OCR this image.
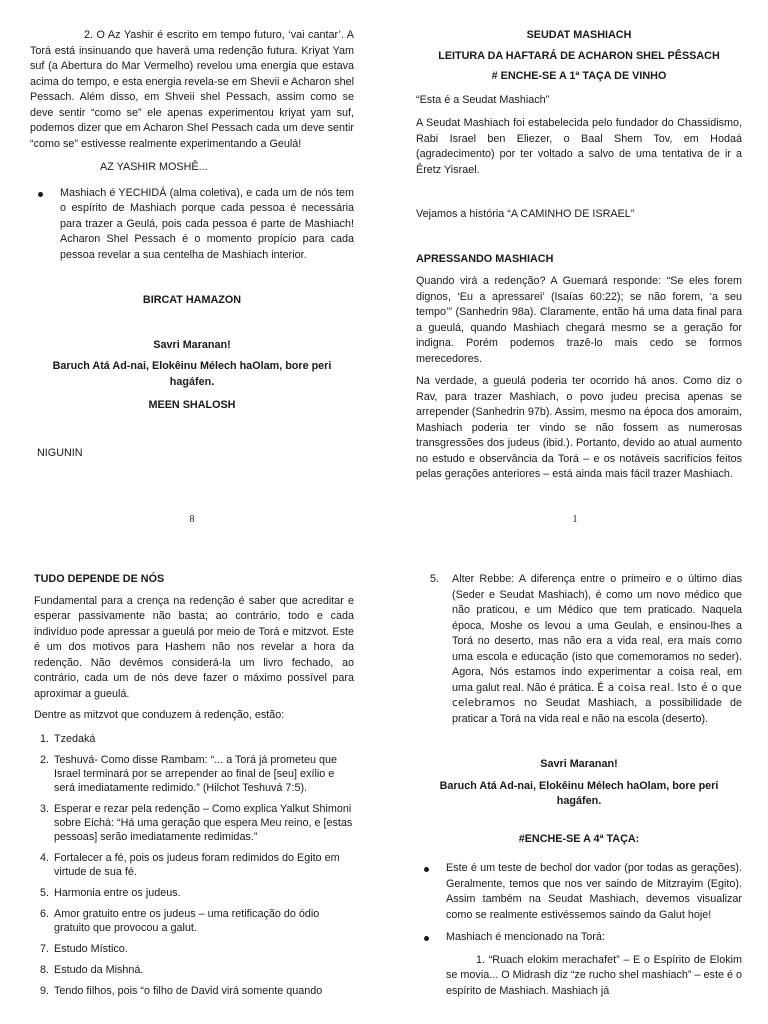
2. O Az Yashir é escrito em tempo futuro, ‘vai cantar’. A Torá está insinuando que haverá uma redenção futura. Kriyat Yam suf (a Abertura do Mar Vermelho) revelou uma energia que estava acima do tempo, e esta energia revela-se em Shevii e Acharon shel Pessach. Além disso, em Shveii shel Pessach, assim como se deve sentir “como se” ele apenas experimentou kriyat yam suf, podemos dizer que em Acharon Shel Pessach cada um deve sentir “como se” estivesse realmente experimentando a Geulá!

AZ YASHIR MOSHÊ...

Mashiach é YECHIDÁ (alma coletiva), e cada um de nós tem o espírito de Mashiach porque cada pessoa é necessária para trazer a Geulá, pois cada pessoa é parte de Mashiach! Acharon Shel Pessach é o momento propício para cada pessoa revelar a sua centelha de Mashiach interior.

BIRCAT HAMAZON

Savri Maranan!

Baruch Atá Ad-nai, Elokêinu Mélech haOlam, bore peri hagáfen.

MEEN SHALOSH

NIGUNIN

8

SEUDAT MASHIACH

LEITURA DA HAFTARÁ DE ACHARON SHEL PÊSSACH

# ENCHE-SE A 1ª TAÇA DE VINHO

“Esta é a Seudat Mashiach”

A Seudat Mashiach foi estabelecida pelo fundador do Chassidismo, Rabi Israel ben Eliezer, o Baal Shem Tov, em Hodaá (agradecimento) por ter voltado a salvo de uma tentativa de ir a Êretz Yisrael.

Vejamos a história “A CAMINHO DE ISRAEL”

APRESSANDO MASHIACH

Quando virá a redenção? A Guemará responde: “Se eles forem dignos, ‘Eu a apressarei’ (Isaías 60:22); se não forem, ‘a seu tempo’” (Sanhedrin 98a). Claramente, então há uma data final para a gueulá, quando Mashiach chegará mesmo se a geração for indigna. Porém podemos trazê-lo mais cedo se formos merecedores.

Na verdade, a gueulá poderia ter ocorrido há anos. Como diz o Rav, para trazer Mashiach, o povo judeu precisa apenas se arrepender (Sanhedrin 97b). Assim, mesmo na época dos amoraim, Mashiach poderia ter vindo se não fossem as numerosas transgressões dos judeus (ibid.). Portanto, devido ao atual aumento no estudo e observância da Torá – e os notáveis sacrifícios feitos pelas gerações anteriores – está ainda mais fácil trazer Mashiach.

1

TUDO DEPENDE DE NÓS

Fundamental para a crença na redenção é saber que acreditar e esperar passivamente não basta; ao contrário, todo e cada indivíduo pode apressar a gueulá por meio de Torá e mitzvot. Este é um dos motivos para Hashem não nos revelar a hora da redenção. Não devêmos considerá-la um livro fechado, ao contrário, cada um de nós deve fazer o máximo possível para aproximar a gueulá.

Dentre as mitzvot que conduzem à redenção, estão:

1. Tzedaká
2. Teshuvá- Como disse Rambam: “... a Torá já prometeu que Israel terminará por se arrepender ao final de [seu] exílio e será imediatamente redimido.” (Hilchot Teshuvá 7:5).
3. Esperar e rezar pela redenção – Como explica Yalkut Shimoni sobre Eichá: “Há uma geração que espera Meu reino, e [estas pessoas] serão imediatamente redimidas.”
4. Fortalecer a fé, pois os judeus foram redimidos do Egito em virtude de sua fé.
5. Harmonia entre os judeus.
6. Amor gratuito entre os judeus – uma retificação do ódio gratuito que provocou a galut.
7. Estudo Místico.
8. Estudo da Mishná.
9. Tendo filhos, pois “o filho de David virá somente quando
5. Alter Rebbe: A diferença entre o primeiro e o último dias (Seder e Seudat Mashiach), é como um novo médico que não praticou, e um Médico que tem praticado. Naquela época, Moshe os levou a uma Geulah, e ensinou-lhes a Torá no deserto, mas não era a vida real, era mais como uma escola e educação (isto que comemoramos no seder). Agora, Nós estamos indo experimentar a coisa real, em uma galut real. Não é prática. É a coisa real. Isto é o que celebramos no Seudat Mashiach, a possibilidade de praticar a Torá na vida real e não na escola (deserto).

Savri Maranan!

Baruch Atá Ad-nai, Elokêinu Mélech haOlam, bore peri hagáfen.

#ENCHE-SE A 4ª TAÇA:

Este é um teste de bechol dor vador (por todas as gerações). Geralmente, temos que nos ver saindo de Mitzrayim (Egito). Assim também na Seudat Mashiach, devemos visualizar como se realmente estivéssemos saindo da Galut hoje!
Mashiach é mencionado na Torá:

1. “Ruach elokim merachafet” – E o Espírito de Elokim se movia... O Midrash diz “ze rucho shel mashiach” – este é o espírito de Mashiach. Mashiach já
